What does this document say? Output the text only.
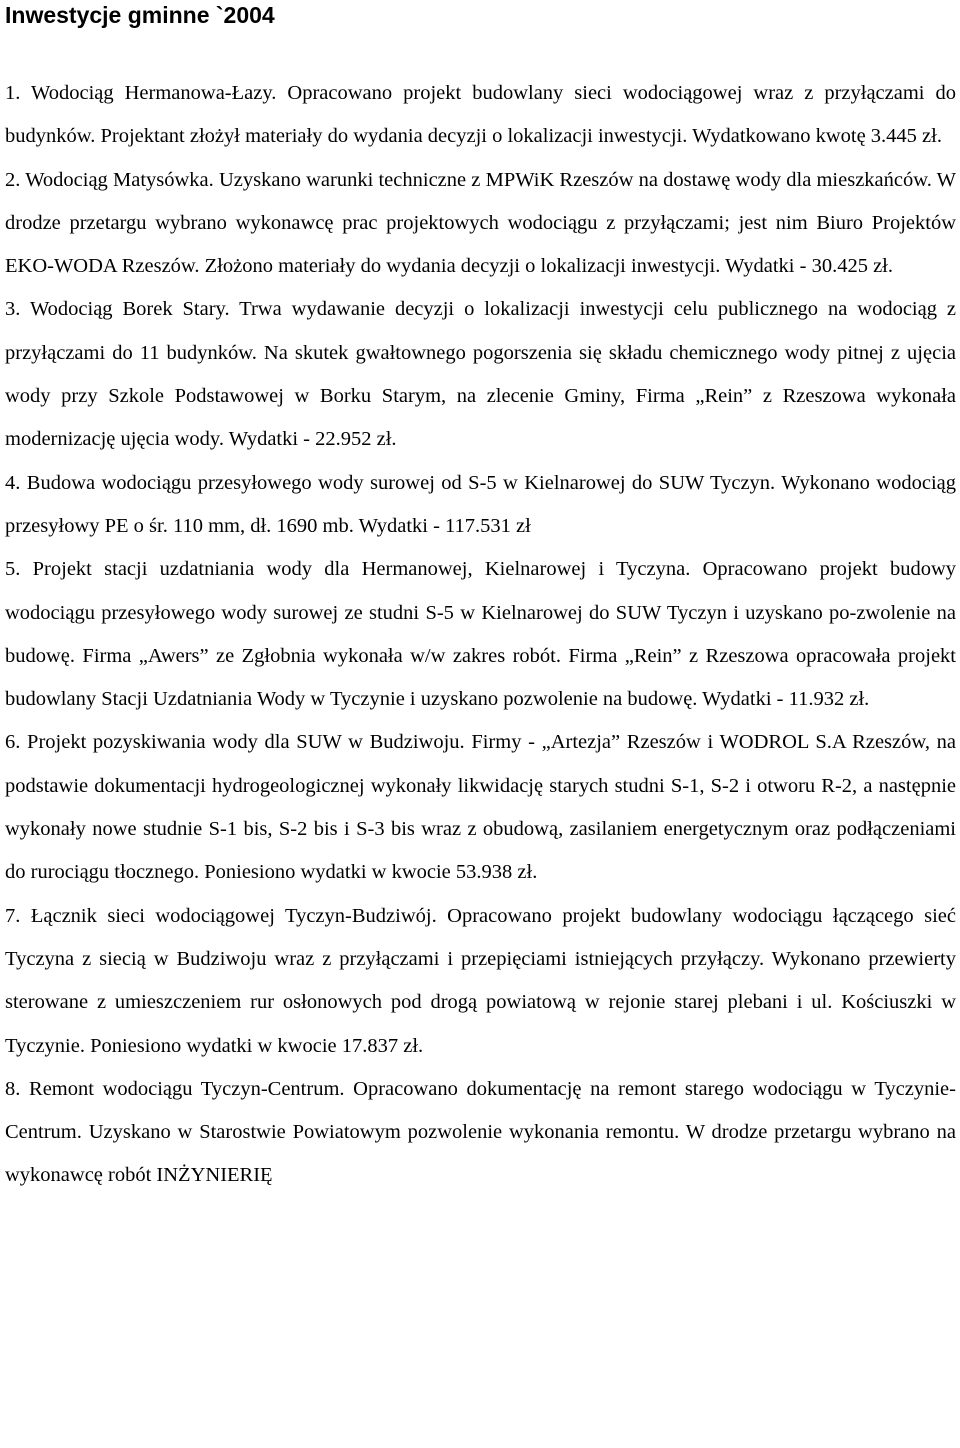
Inwestycje gminne `2004

1. Wodociąg Hermanowa-Łazy. Opracowano projekt budowlany sieci wodociągowej wraz z przyłączami do budynków. Projektant złożył materiały do wydania decyzji o lokalizacji inwestycji. Wydatkowano kwotę 3.445 zł.

2. Wodociąg Matysówka. Uzyskano warunki techniczne z MPWiK Rzeszów na dostawę wody dla mieszkańców. W drodze przetargu wybrano wykonawcę prac projektowych wodociągu z przyłączami; jest nim Biuro Projektów EKO-WODA Rzeszów. Złożono materiały do wydania decyzji o lokalizacji inwestycji. Wydatki - 30.425 zł.

3. Wodociąg Borek Stary. Trwa wydawanie decyzji o lokalizacji inwestycji celu publicznego na wodociąg z przyłączami do 11 budynków. Na skutek gwałtownego pogorszenia się składu chemicznego wody pitnej z ujęcia wody przy Szkole Podstawowej w Borku Starym, na zlecenie Gminy, Firma „Rein” z Rzeszowa wykonała modernizację ujęcia wody. Wydatki - 22.952 zł.

4. Budowa wodociągu przesyłowego wody surowej od S-5 w Kielnarowej do SUW Tyczyn. Wykonano wodociąg przesyłowy PE o śr. 110 mm, dł. 1690 mb. Wydatki - 117.531 zł

5. Projekt stacji uzdatniania wody dla Hermanowej, Kielnarowej i Tyczyna. Opracowano projekt budowy wodociągu przesyłowego wody surowej ze studni S-5 w Kielnarowej do SUW Tyczyn i uzyskano po-zwolenie na budowę. Firma „Awers” ze Zgłobnia wykonała w/w zakres robót. Firma „Rein” z Rzeszowa opracowała projekt budowlany Stacji Uzdatniania Wody w Tyczynie i uzyskano pozwolenie na budowę. Wydatki - 11.932 zł.

6. Projekt pozyskiwania wody dla SUW w Budziwoju. Firmy - „Artezja” Rzeszów i WODROL S.A Rzeszów, na podstawie dokumentacji hydrogeologicznej wykonały likwidację starych studni S-1, S-2 i otworu R-2, a następnie wykonały nowe studnie S-1 bis, S-2 bis i S-3 bis wraz z obudową, zasilaniem energetycznym oraz podłączeniami do rurociągu tłocznego. Poniesiono wydatki w kwocie 53.938 zł.

7. Łącznik sieci wodociągowej Tyczyn-Budziwój. Opracowano projekt budowlany wodociągu łączącego sieć Tyczyna z siecią w Budziwoju wraz z przyłączami i przepięciami istniejących przyłączy. Wykonano przewierty sterowane z umieszczeniem rur osłonowych pod drogą powiatową w rejonie starej plebani i ul. Kościuszki w Tyczynie. Poniesiono wydatki w kwocie 17.837 zł.

8. Remont wodociągu Tyczyn-Centrum. Opracowano dokumentację na remont starego wodociągu w Tyczynie-Centrum. Uzyskano w Starostwie Powiatowym pozwolenie wykonania remontu. W drodze przetargu wybrano na wykonawcę robót INŻYNIERIĘ
